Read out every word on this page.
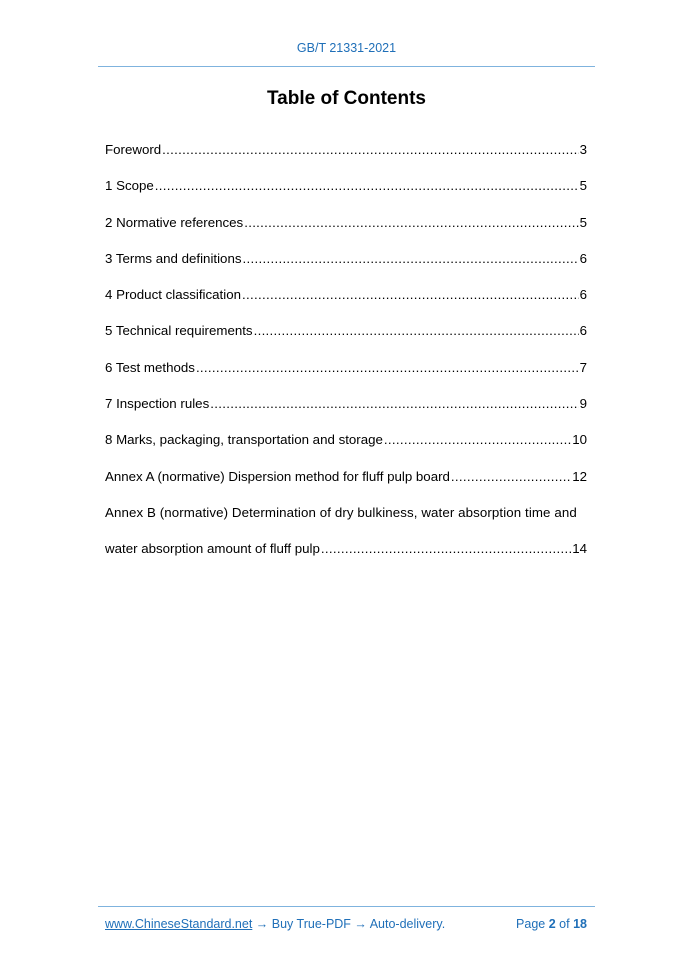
GB/T 21331-2021
Table of Contents
Foreword .....	3
1 Scope .....	5
2 Normative references .....	5
3 Terms and definitions .....	6
4 Product classification .....	6
5 Technical requirements .....	6
6 Test methods .....	7
7 Inspection rules .....	9
8 Marks, packaging, transportation and storage .....	10
Annex A (normative) Dispersion method for fluff pulp board .....	12
Annex B (normative) Determination of dry bulkiness, water absorption time and
water absorption amount of fluff pulp .....	14
www.ChineseStandard.net → Buy True-PDF → Auto-delivery.	Page 2 of 18
